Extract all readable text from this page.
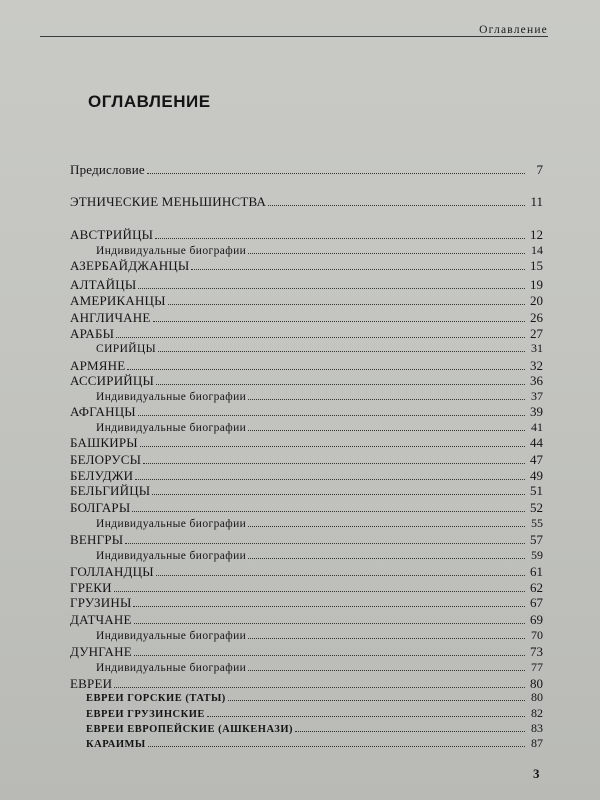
Оглавление
ОГЛАВЛЕНИЕ
Предисловие	7
ЭТНИЧЕСКИЕ МЕНЬШИНСТВА	11
АВСТРИЙЦЫ	12
Индивидуальные биографии	14
АЗЕРБАЙДЖАНЦЫ	15
АЛТАЙЦЫ	19
АМЕРИКАНЦЫ	20
АНГЛИЧАНЕ	26
АРАБЫ	27
СИРИЙЦЫ	31
АРМЯНЕ	32
АССИРИЙЦЫ	36
Индивидуальные биографии	37
АФГАНЦЫ	39
Индивидуальные биографии	41
БАШКИРЫ	44
БЕЛОРУСЫ	47
БЕЛУДЖИ	49
БЕЛЬГИЙЦЫ	51
БОЛГАРЫ	52
Индивидуальные биографии	55
ВЕНГРЫ	57
Индивидуальные биографии	59
ГОЛЛАНДЦЫ	61
ГРЕКИ	62
ГРУЗИНЫ	67
ДАТЧАНЕ	69
Индивидуальные биографии	70
ДУНГАНЕ	73
Индивидуальные биографии	77
ЕВРЕИ	80
ЕВРЕИ ГОРСКИЕ (ТАТЫ)	80
ЕВРЕИ ГРУЗИНСКИЕ	82
ЕВРЕИ ЕВРОПЕЙСКИЕ (АШКЕНАЗИ)	83
КАРАИМЫ	87
3
